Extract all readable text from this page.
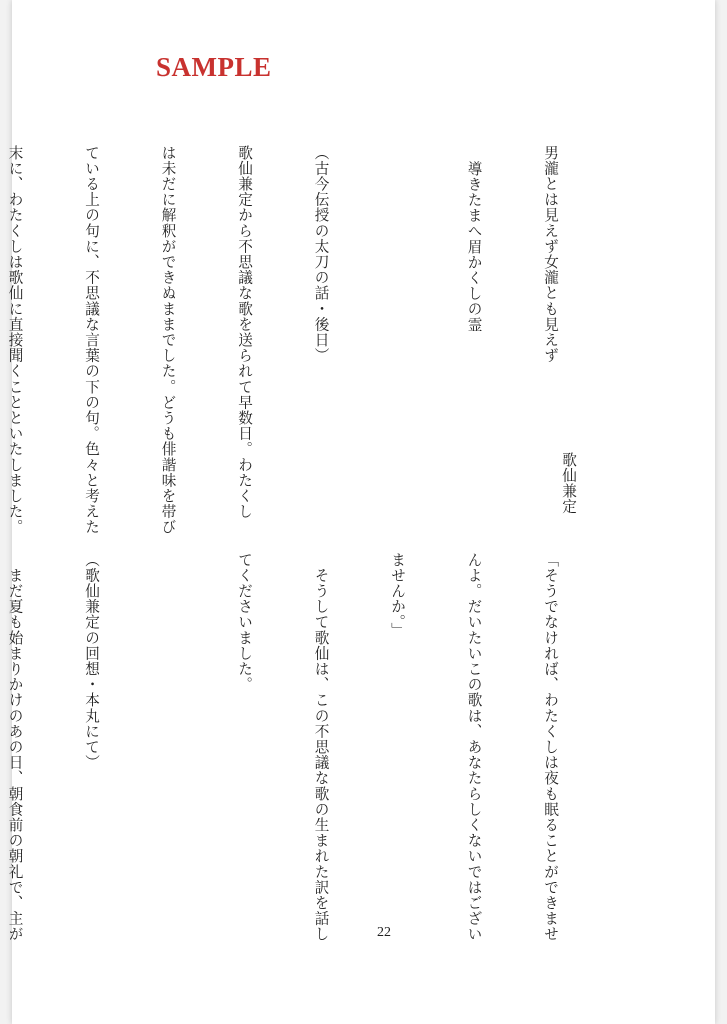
SAMPLE

男瀧とは見えず女瀧とも見えず

導きたまへ眉かくしの霊

（古今伝授の太刀の話・後日）

歌仙兼定から不思議な歌を送られて早数日。わたくし

は未だに解釈ができぬままでした。どうも俳諧味を帯び

ている上の句に、不思議な言葉の下の句。色々と考えた

末に、わたくしは歌仙に直接聞くことといたしました。

	歌仙兼定

「そうでなければ、わたくしは夜も眠ることができませ

んよ。だいたいこの歌は、あなたらしくないではござい

ませんか。」

　そうして歌仙は、この不思議な歌の生まれた訳を話し

てくださいました。

（歌仙兼定の回想・本丸にて）

　まだ夏も始まりかけのあの日、朝食前の朝礼で、主が

	22
